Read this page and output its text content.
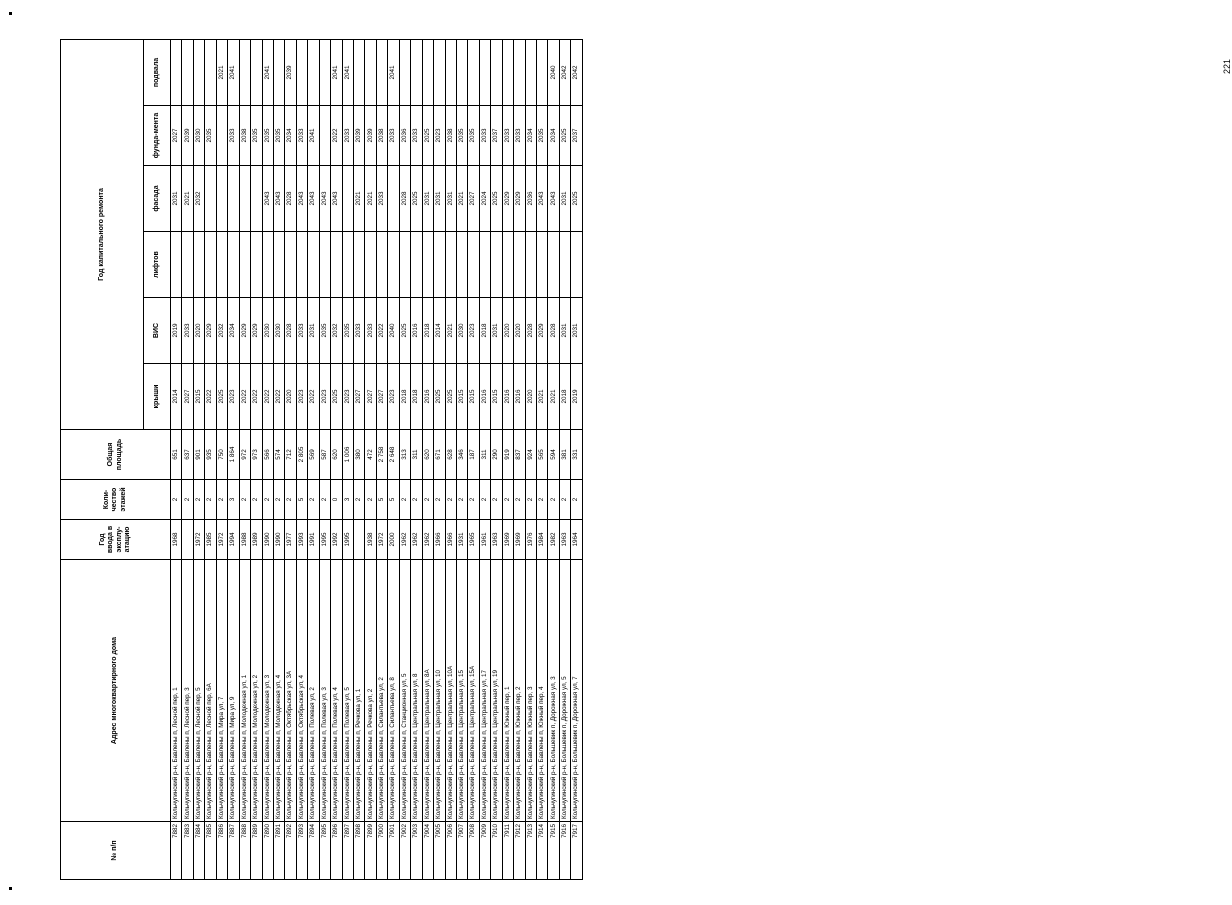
221
№ п/п	Адрес многоквартирного дома	Год ввода в эксплу-атацию	Коли-чество этажей	Общая площадь	Год капитального ремонта					
					крыши	ВИС	лифтов	фасада	фунда-мента	подвала
7882	Кольчугинский р-н, Бавлены п, Лесной пер, 1	1968	2	651	2014	2019		2031	2027	
7883	Кольчугинский р-н, Бавлены п, Лесной пер, 3		2	637	2027	2033		2021	2039	
7884	Кольчугинский р-н, Бавлены п, Лесной пер, 5	1972	2	901	2015	2020		2032	2030	
7885	Кольчугинский р-н, Бавлены п, Лесной пер, 6А	1985	2	935	2022	2029			2035	
7886	Кольчугинский р-н, Бавлены п, Мира ул, 7	1972	2	750	2025	2032				2021
7887	Кольчугинский р-н, Бавлены п, Мира ул, 9	1994	3	1 864	2023	2034			2033	2041
7888	Кольчугинский р-н, Бавлены п, Молодежная ул, 1	1988	2	972	2022	2029			2038	
7889	Кольчугинский р-н, Бавлены п, Молодежная ул, 2	1989	2	973	2022	2029			2035	
7890	Кольчугинский р-н, Бавлены п, Молодежная ул, 3	1990	2	566	2022	2030		2043	2035	2041
7891	Кольчугинский р-н, Бавлены п, Молодежная ул, 4	1990	2	574	2022	2030		2043	2035	
7892	Кольчугинский р-н, Бавлены п, Октябрьская ул, 3А	1977	2	712	2020	2028		2028	2034	2039
7893	Кольчугинский р-н, Бавлены п, Октябрьская ул, 4	1993	5	2 805	2023	2033		2043	2033	
7894	Кольчугинский р-н, Бавлены п, Полевая ул, 2	1991	2	569	2022	2031		2043	2041	
7895	Кольчугинский р-н, Бавлены п, Полевая ул, 3	1995	2	587	2023	2035		2043		
7896	Кольчугинский р-н, Бавлены п, Полевая ул, 4	1992	0	620	2025	2032		2043	2022	2041
7897	Кольчугинский р-н, Бавлены п, Полевая ул, 5	1995	3	1 006	2023	2035			2033	2041
7898	Кольчугинский р-н, Бавлены п, Речкова ул, 1		2	380	2027	2033		2021	2039	
7899	Кольчугинский р-н, Бавлены п, Речкова ул, 2	1938	2	472	2027	2033		2021	2039	
7900	Кольчугинский р-н, Бавлены п, Силантьева ул, 2	1972	5	2 758	2027	2022		2033	2038	
7901	Кольчугинский р-н, Бавлены п, Силантьева ул, 8	2000	5	2 648	2023	2040			2033	2041
7902	Кольчугинский р-н, Бавлены п, Станционная ул, 5	1962	2	313	2018	2025		2028	2036	
7903	Кольчугинский р-н, Бавлены п, Центральная ул, 8	1962	2	311	2018	2016		2025	2033	
7904	Кольчугинский р-н, Бавлены п, Центральная ул, 8А	1962	2	620	2016	2018		2031	2025	
7905	Кольчугинский р-н, Бавлены п, Центральная ул, 10	1966	2	671	2025	2014		2031	2023	
7906	Кольчугинский р-н, Бавлены п, Центральная ул, 10А	1966	2	628	2025	2021		2031	2038	
7907	Кольчугинский р-н, Бавлены п, Центральная ул, 15	1931	2	346	2015	2030		2021	2035	
7908	Кольчугинский р-н, Бавлены п, Центральная ул, 15А	1965	2	187	2015	2023		2027	2035	
7909	Кольчугинский р-н, Бавлены п, Центральная ул, 17	1961	2	311	2016	2018		2024	2033	
7910	Кольчугинский р-н, Бавлены п, Центральная ул, 19	1963	2	290	2015	2031		2025	2037	
7911	Кольчугинский р-н, Бавлены п, Южный пер, 1	1969	2	919	2016	2020		2029	2033	
7912	Кольчугинский р-н, Бавлены п, Южный пер, 2	1969	2	837	2016	2020		2029	2033	
7913	Кольчугинский р-н, Бавлены п, Южный пер, 3	1976	2	924	2020	2028		2036	2034	
7914	Кольчугинский р-н, Бавлены п, Южный пер, 4	1984	2	565	2021	2029		2043	2035	
7915	Кольчугинский р-н, Большевик п, Дорожная ул, 3	1982	2	594	2021	2028		2043	2034	2040
7916	Кольчугинский р-н, Большевик п, Дорожная ул, 5	1963	2	381	2018	2031		2031	2025	2042
7917	Кольчугинский р-н, Большевик п, Дорожная ул, 7	1964	2	331	2019	2031		2025	2037	2042
